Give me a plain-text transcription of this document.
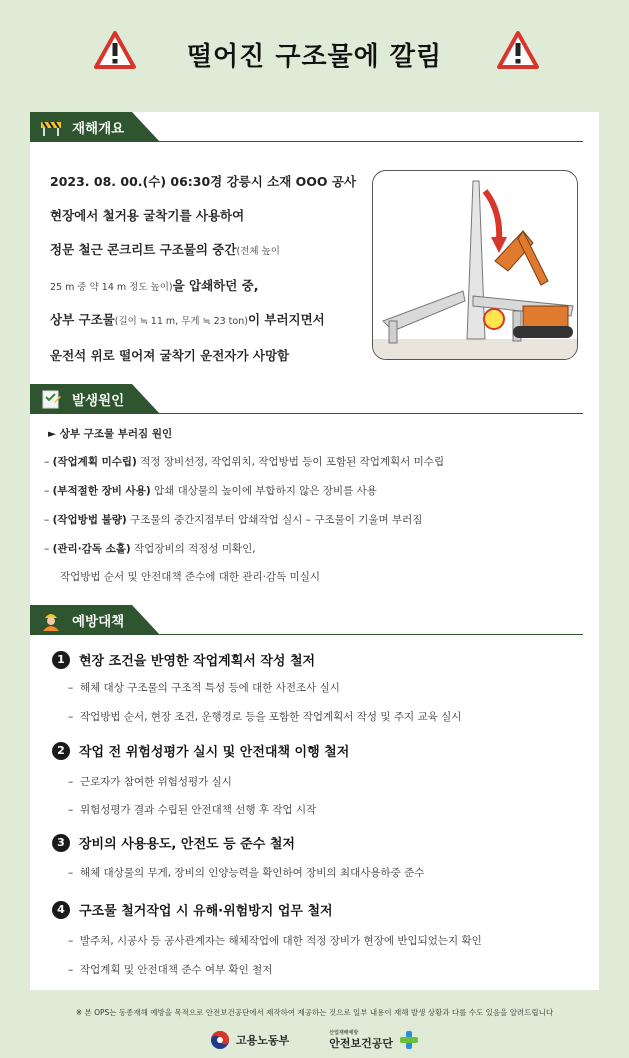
떨어진 구조물에 깔림
재해개요
2023. 08. 00.(수) 06:30경 강릉시 소재 OOO 공사
현장에서 철거용 굴착기를 사용하여
정문 철근 콘크리트 구조물의 중간(전체 높이
25 m 중 약 14 m 정도 높이)을 압쇄하던 중,
상부 구조물(길이 ≒ 11 m, 무게 ≒ 23 ton)이 부러지면서
운전석 위로 떨어져 굴착기 운전자가 사망함
발생원인
► 상부 구조물 부러짐 원인
– (작업계획 미수립) 적정 장비선정, 작업위치, 작업방법 등이 포함된 작업계획서 미수립
– (부적절한 장비 사용) 압쇄 대상물의 높이에 부합하지 않은 장비를 사용
– (작업방법 불량) 구조물의 중간지점부터 압쇄작업 실시 – 구조물이 기울며 부러짐
– (관리·감독 소홀) 작업장비의 적정성 미확인,
작업방법 순서 및 안전대책 준수에 대한 관리·감독 미실시
예방대책
1	현장 조건을 반영한 작업계획서 작성 철저
–  해체 대상 구조물의 구조적 특성 등에 대한 사전조사 실시
–  작업방법 순서, 현장 조건, 운행경로 등을 포함한 작업계획서 작성 및 주지 교육 실시
2	작업 전 위험성평가 실시 및 안전대책 이행 철저
–  근로자가 참여한 위험성평가 실시
–  위험성평가 결과 수립된 안전대책 선행 후 작업 시작
3	장비의 사용용도, 안전도 등 준수 철저
–  해체 대상물의 무게, 장비의 인양능력을 확인하여 장비의 최대사용하중 준수
4	구조물 철거작업 시 유해·위험방지 업무 철저
–  발주처, 시공사 등 공사관계자는 해체작업에 대한 적정 장비가 현장에 반입되었는지 확인
–  작업계획 및 안전대책 준수 여부 확인 철저
※ 본 OPS는 동종재해 예방을 목적으로 안전보건공단에서 제작하여 제공하는 것으로 일부 내용이 재해 발생 상황과 다를 수도 있음을 알려드립니다
고용노동부
산업재해예방
안전보건공단
